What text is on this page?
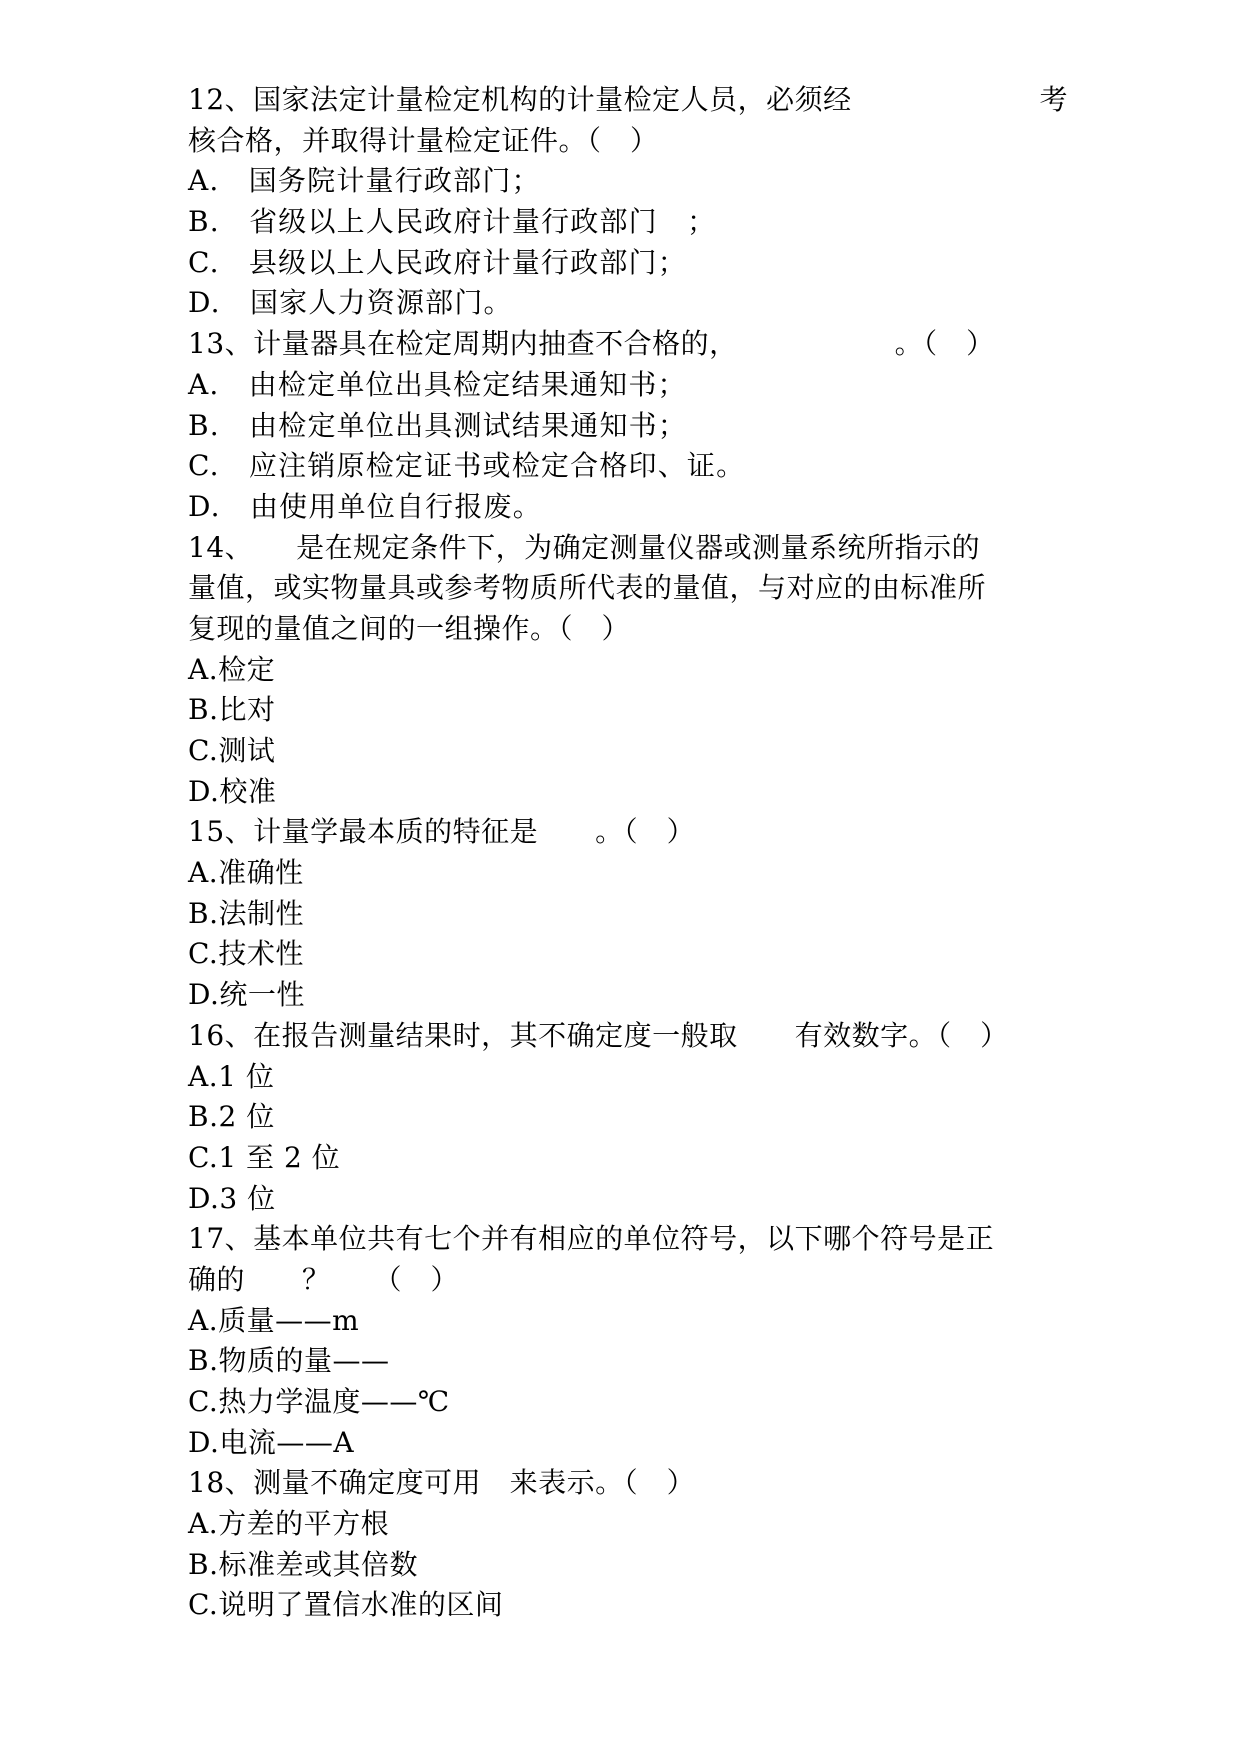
12、国家法定计量检定机构的计量检定人员，必须经	考
核合格，并取得计量检定证件。（　）
A.　国务院计量行政部门；
B.　省级以上人民政府计量行政部门　；
C.　县级以上人民政府计量行政部门；
D.　国家人力资源部门。
13、计量器具在检定周期内抽查不合格的，　　　　　　。（　）
A.　由检定单位出具检定结果通知书；
B.　由检定单位出具测试结果通知书；
C.　应注销原检定证书或检定合格印、证。
D.　由使用单位自行报废。
14、　　是在规定条件下，为确定测量仪器或测量系统所指示的
量值，或实物量具或参考物质所代表的量值，与对应的由标准所
复现的量值之间的一组操作。（　）
A.检定
B.比对
C.测试
D.校准
15、计量学最本质的特征是　　。（　）
A.准确性
B.法制性
C.技术性
D.统一性
16、在报告测量结果时，其不确定度一般取　　有效数字。（　）
A.1 位
B.2 位
C.1 至 2 位
D.3 位
17、基本单位共有七个并有相应的单位符号，以下哪个符号是正
确的　　？　　（　）
A.质量——m
B.物质的量——
C.热力学温度——℃
D.电流——A
18、测量不确定度可用　来表示。（　）
A.方差的平方根
B.标准差或其倍数
C.说明了置信水准的区间
